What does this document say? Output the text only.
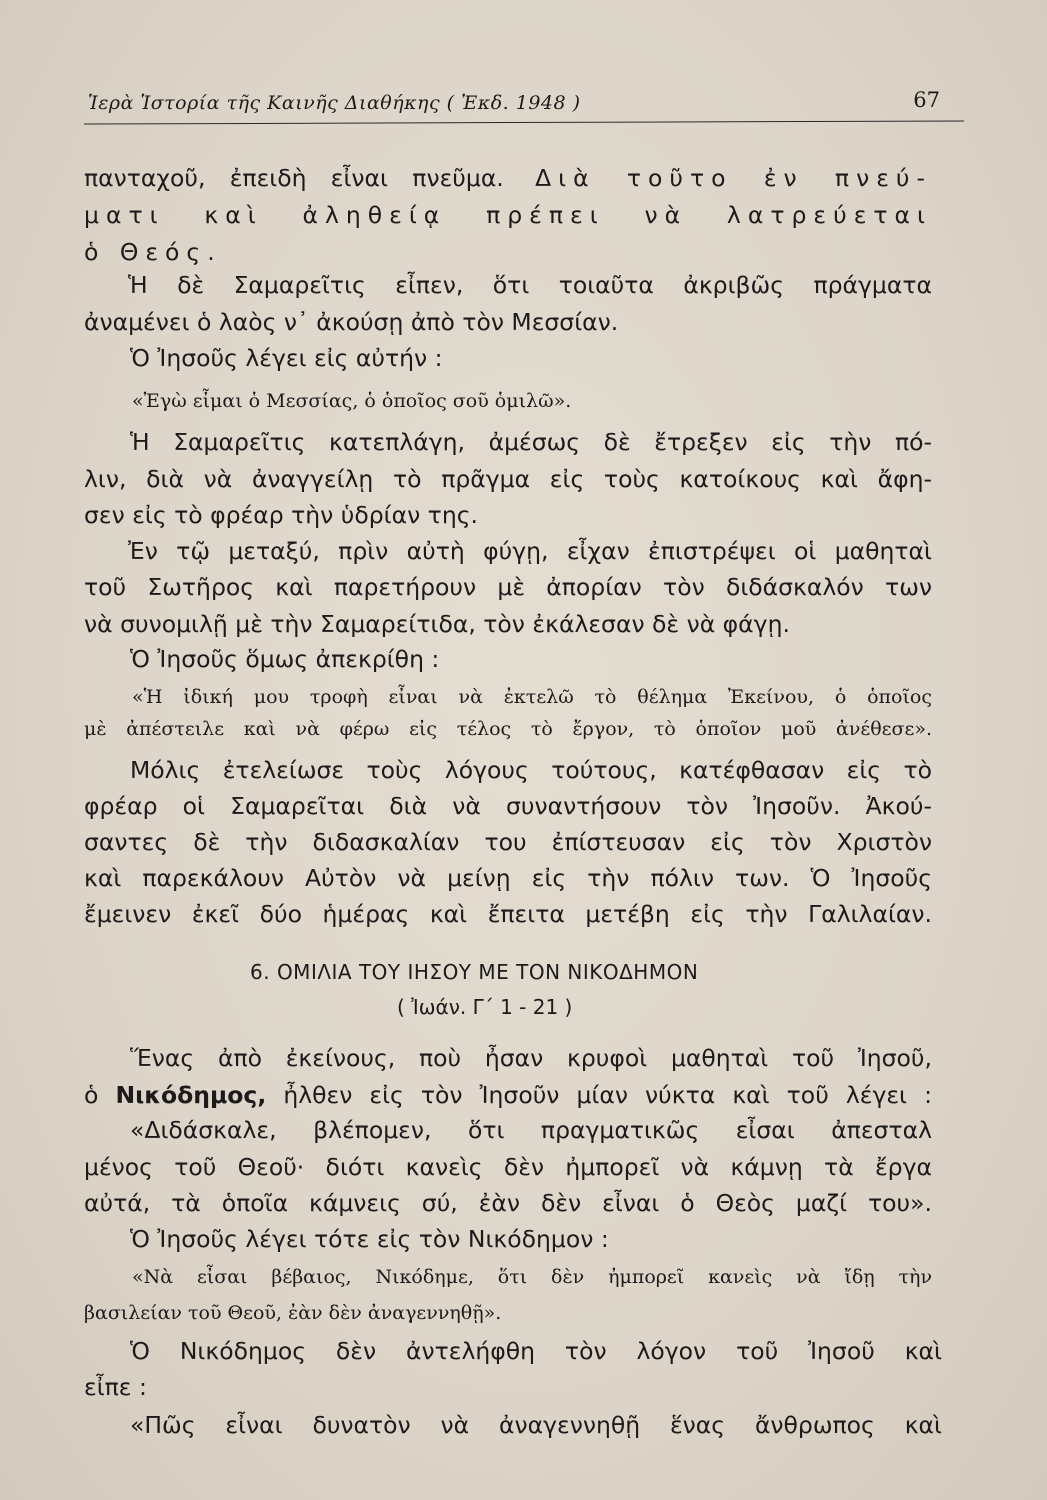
Ἱερὰ Ἱστορία τῆς Καινῆς Διαθήκης ( Ἐκδ. 1948 )	67

πανταχοῦ, ἐπειδὴ εἶναι πνεῦμα. Διὰ τοῦτο ἐν πνεύ-

ματι καὶ ἀληθείᾳ πρέπει νὰ λατρεύεται

ὁ Θεός.

Ἡ δὲ Σαμαρεῖτις εἶπεν, ὅτι τοιαῦτα ἀκριβῶς πράγματα

ἀναμένει ὁ λαὸς ν᾽ ἀκούσῃ ἀπὸ τὸν Μεσσίαν.

Ὁ Ἰησοῦς λέγει εἰς αὐτήν :

«Ἐγὼ εἶμαι ὁ Μεσσίας, ὁ ὁποῖος σοῦ ὁμιλῶ».

Ἡ Σαμαρεῖτις κατεπλάγη, ἀμέσως δὲ ἔτρεξεν εἰς τὴν πό-

λιν, διὰ νὰ ἀναγγείλῃ τὸ πρᾶγμα εἰς τοὺς κατοίκους καὶ ἄφη-

σεν εἰς τὸ φρέαρ τὴν ὑδρίαν της.

Ἐν τῷ μεταξύ, πρὶν αὐτὴ φύγῃ, εἶχαν ἐπιστρέψει οἱ μαθηταὶ

τοῦ Σωτῆρος καὶ παρετήρουν μὲ ἀπορίαν τὸν διδάσκαλόν των

νὰ συνομιλῇ μὲ τὴν Σαμαρείτιδα, τὸν ἐκάλεσαν δὲ νὰ φάγῃ.

Ὁ Ἰησοῦς ὅμως ἀπεκρίθη :

«Ἡ ἰδική μου τροφὴ εἶναι νὰ ἐκτελῶ τὸ θέλημα Ἐκείνου, ὁ ὁποῖος

μὲ ἀπέστειλε καὶ νὰ φέρω εἰς τέλος τὸ ἔργον, τὸ ὁποῖον μοῦ ἀνέθεσε».

Μόλις ἐτελείωσε τοὺς λόγους τούτους, κατέφθασαν εἰς τὸ

φρέαρ οἱ Σαμαρεῖται διὰ νὰ συναντήσουν τὸν Ἰησοῦν. Ἀκού-

σαντες δὲ τὴν διδασκαλίαν του ἐπίστευσαν εἰς τὸν Χριστὸν

καὶ παρεκάλουν Αὐτὸν νὰ μείνῃ εἰς τὴν πόλιν των. Ὁ Ἰησοῦς

ἔμεινεν ἐκεῖ δύο ἡμέρας καὶ ἔπειτα μετέβη εἰς τὴν Γαλιλαίαν.

6. ΟΜΙΛΙΑ ΤΟΥ ΙΗΣΟΥ ΜΕ ΤΟΝ ΝΙΚΟΔΗΜΟΝ
( Ἰωάν. Γ΄ 1 - 21 )

Ἕνας ἀπὸ ἐκείνους, ποὺ ἦσαν κρυφοὶ μαθηταὶ τοῦ Ἰησοῦ,

ὁ Νικόδημος, ἦλθεν εἰς τὸν Ἰησοῦν μίαν νύκτα καὶ τοῦ λέγει :

«Διδάσκαλε, βλέπομεν, ὅτι πραγματικῶς εἶσαι ἀπεσταλ

μένος τοῦ Θεοῦ· διότι κανεὶς δὲν ἠμπορεῖ νὰ κάμνῃ τὰ ἔργα

αὐτά, τὰ ὁποῖα κάμνεις σύ, ἐὰν δὲν εἶναι ὁ Θεὸς μαζί του».

Ὁ Ἰησοῦς λέγει τότε εἰς τὸν Νικόδημον :

«Νὰ εἶσαι βέβαιος, Νικόδημε, ὅτι δὲν ἠμπορεῖ κανεὶς νὰ ἴδῃ τὴν

βασιλείαν τοῦ Θεοῦ, ἐὰν δὲν ἀναγεννηθῇ».

Ὁ Νικόδημος δὲν ἀντελήφθη τὸν λόγον τοῦ Ἰησοῦ καὶ

εἶπε :

«Πῶς εἶναι δυνατὸν νὰ ἀναγεννηθῇ ἕνας ἄνθρωπος καὶ
